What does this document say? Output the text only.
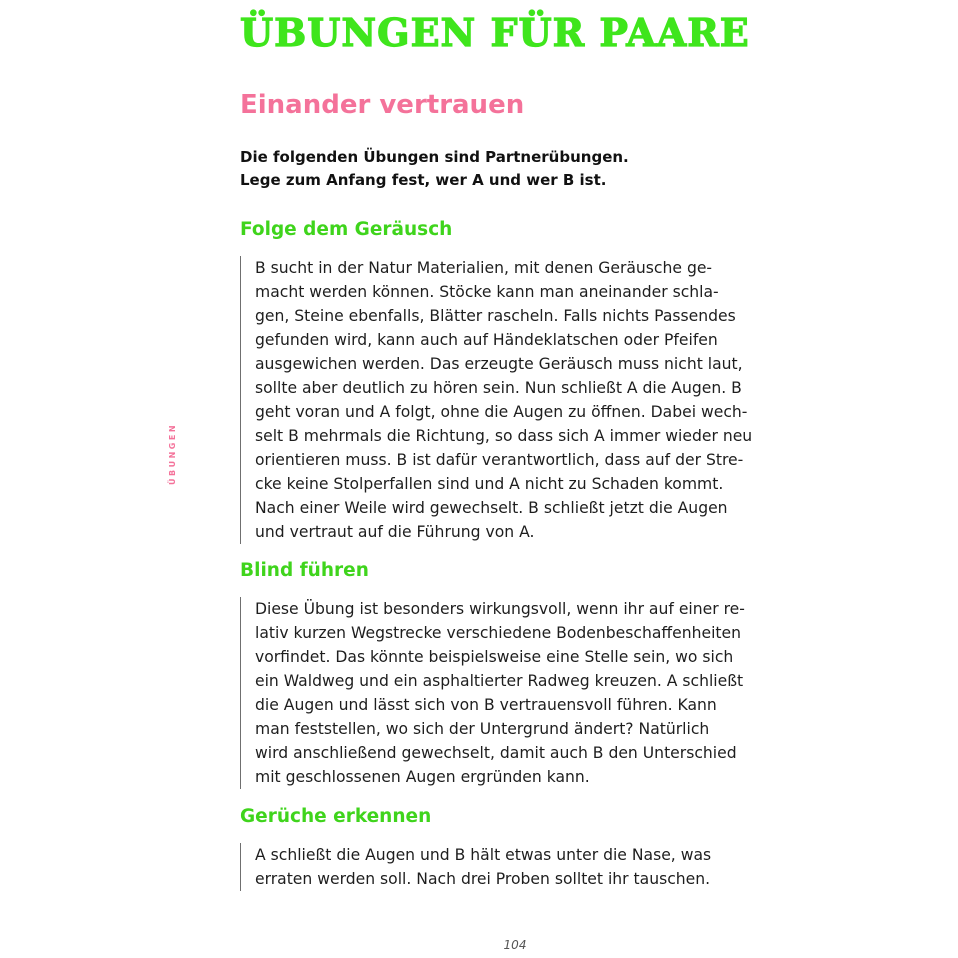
ÜBUNGEN FÜR PAARE
Einander vertrauen

Die folgenden Übungen sind Partnerübungen.
Lege zum Anfang fest, wer A und wer B ist.

ÜBUNGEN
Folge dem Geräusch
B sucht in der Natur Materialien, mit denen Geräusche ge-
macht werden können. Stöcke kann man aneinander schla-
gen, Steine ebenfalls, Blätter rascheln. Falls nichts Passendes
gefunden wird, kann auch auf Händeklatschen oder Pfeifen
ausgewichen werden. Das erzeugte Geräusch muss nicht laut,
sollte aber deutlich zu hören sein. Nun schließt A die Augen. B
geht voran und A folgt, ohne die Augen zu öffnen. Dabei wech-
selt B mehrmals die Richtung, so dass sich A immer wieder neu
orientieren muss. B ist dafür verantwortlich, dass auf der Stre-
cke keine Stolperfallen sind und A nicht zu Schaden kommt.
Nach einer Weile wird gewechselt. B schließt jetzt die Augen
und vertraut auf die Führung von A.
Blind führen
Diese Übung ist besonders wirkungsvoll, wenn ihr auf einer re-
lativ kurzen Wegstrecke verschiedene Bodenbeschaffenheiten
vorfindet. Das könnte beispielsweise eine Stelle sein, wo sich
ein Waldweg und ein asphaltierter Radweg kreuzen. A schließt
die Augen und lässt sich von B vertrauensvoll führen. Kann
man feststellen, wo sich der Untergrund ändert? Natürlich
wird anschließend gewechselt, damit auch B den Unterschied
mit geschlossenen Augen ergründen kann.
Gerüche erkennen
A schließt die Augen und B hält etwas unter die Nase, was
erraten werden soll. Nach drei Proben solltet ihr tauschen.
104
